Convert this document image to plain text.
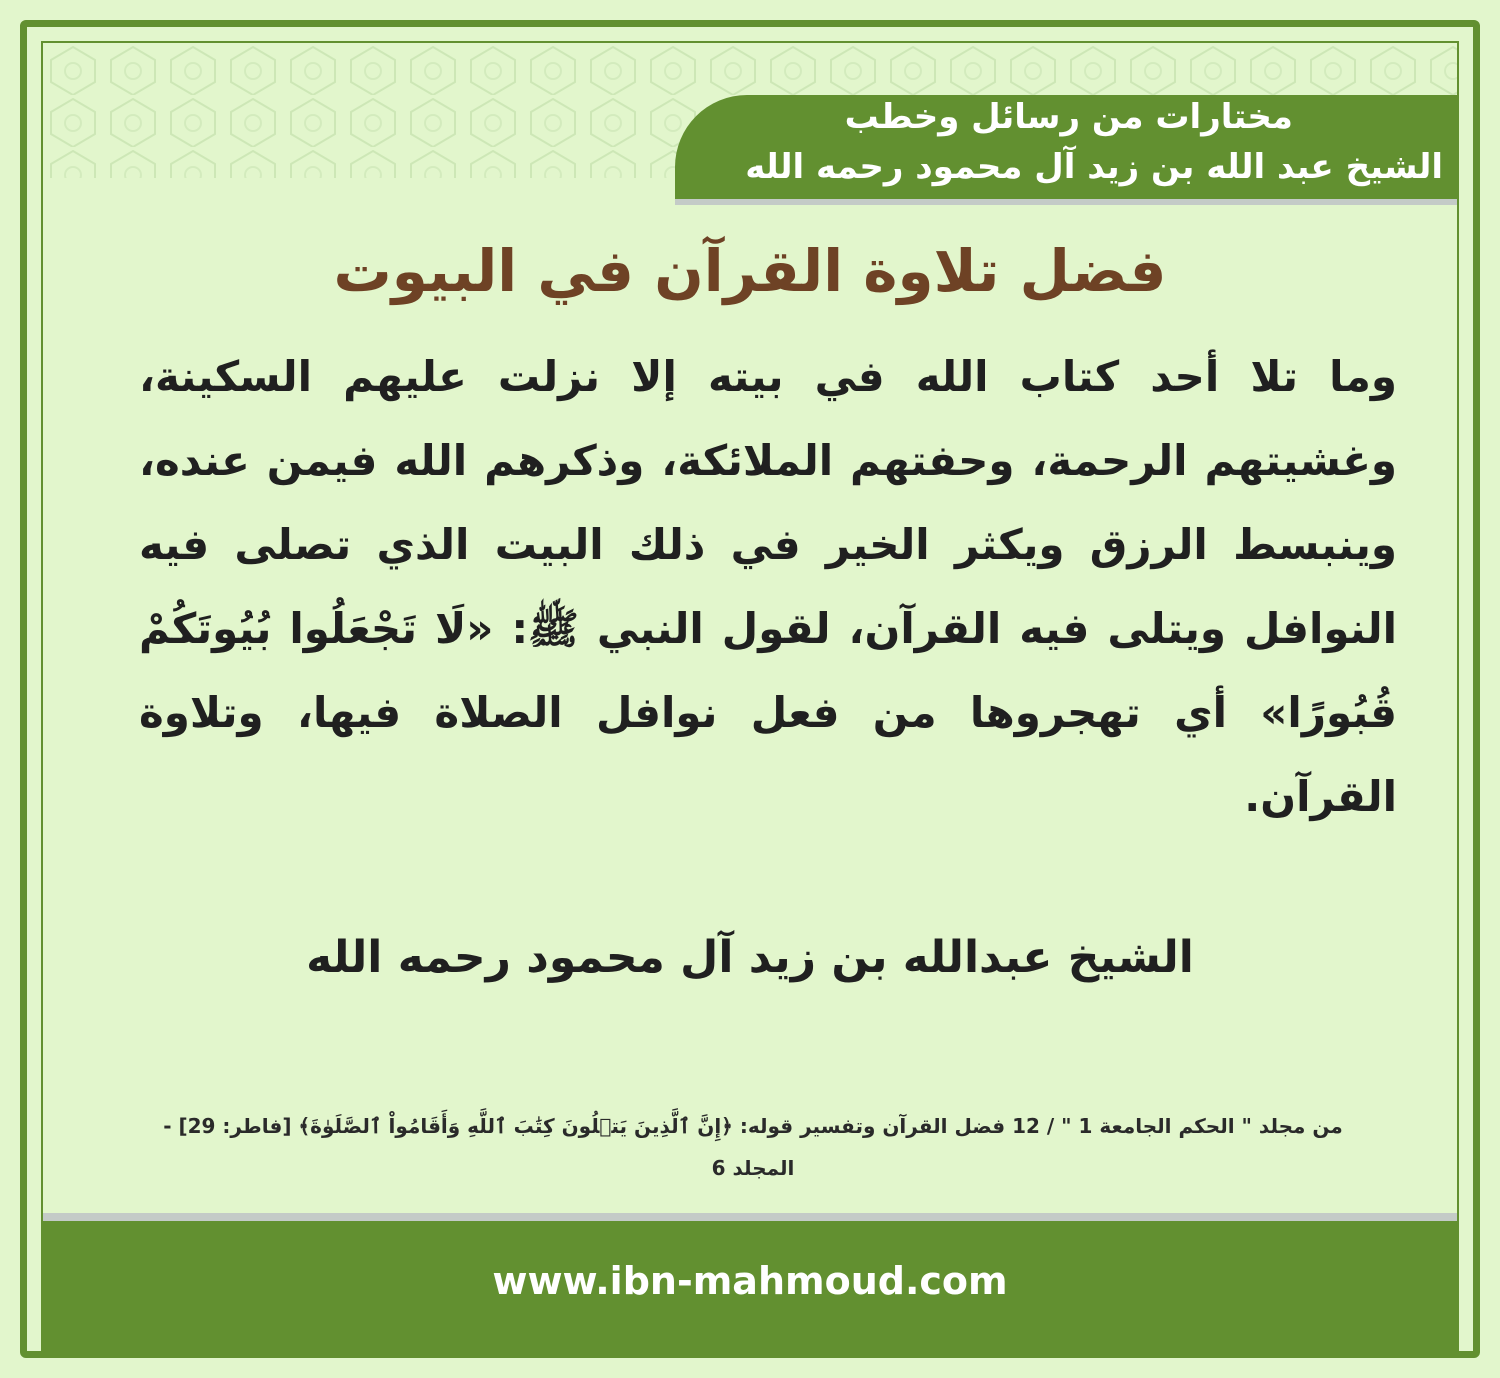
مختارات من رسائل وخطب
الشيخ عبد الله بن زيد آل محمود رحمه الله
فضل تلاوة القرآن في البيوت
وما تلا أحد كتاب الله في بيته إلا نزلت عليهم السكينة، وغشيتهم الرحمة، وحفتهم الملائكة، وذكرهم الله فيمن عنده، وينبسط الرزق ويكثر الخير في ذلك البيت الذي تصلى فيه النوافل ويتلى فيه القرآن، لقول النبي ﷺ: «لَا تَجْعَلُوا بُيُوتَكُمْ قُبُورًا» أي تهجروها من فعل نوافل الصلاة فيها، وتلاوة القرآن.
الشيخ عبدالله بن زيد آل محمود رحمه الله
من مجلد " الحكم الجامعة 1 " / 12 فضل القرآن وتفسير قوله: ﴿إِنَّ ٱلَّذِينَ يَتۡلُونَ كِتَٰبَ ٱللَّهِ وَأَقَامُواْ ٱلصَّلَوٰةَ﴾ [فاطر: 29] - المجلد 6
www.ibn-mahmoud.com
